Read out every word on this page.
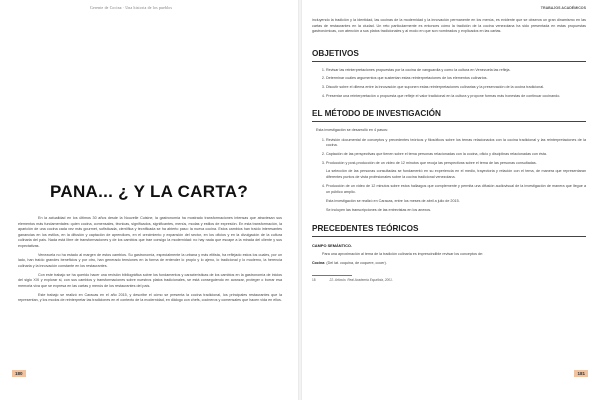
Gerente de Cocina · Una historia de los pueblos
PANA... ¿ Y LA CARTA?

En la actualidad en los últimos 30 años desde la Nouvelle Cuisine, la gastronomía ha mostrado transformaciones intensas que atraviesan sus elementos más fundamentales: quien cocina, comensales, técnicas, significados, significantes, menús, modas y estilos de expresión. En esta transformación, la aparición de una cocina cada vez más gourmet, sofisticada, científica y tecnificada se ha abierto paso: la nueva cocina. Estos cambios han traído interesantes ganancias en los estilos, en la difusión y captación de aprendices, en el crecimiento y expansión del sector, en los oficios y en la divulgación de la cultura culinaria del país. Nada está libre de transformaciones y de los cambios que trae consigo la modernidad: no hay nada que escape a la mirada del cliente y sus expectativas.

Venezuela no ha estado al margen de estos cambios. Su gastronomía, especialmente la urbana y más elitista, ha reflejado estos los cuales, por un lado, han traído grandes beneficios y por otro, han generado tensiones en la forma de entender lo propio y lo ajeno, lo tradicional y lo moderno, la herencia culinaria y la innovación constante en los restaurantes.

Con este trabajo se ha querido hacer una revisión bibliográfica sobre los fundamentos y características de los cambios en la gastronomía de inicios del siglo XXI y explorar si, con sus cambios y transformaciones sobre nuestros platos tradicionales, se está conseguiendo en avanzar, proteger o borrar esa memoria viva que se expresa en las cartas y menús de los restaurantes del país.

Este trabajo se realizó en Caracas en el año 2015, y describe el cómo se presenta la cocina tradicional, los principales restaurantes que la representan, y los modos de reinterpretar las tradiciones en el contexto de la modernidad, en diálogo con chefs, cocineros y comensales que hacen vida en ellos.

180
TRABAJOS ACADÉMICOS

incluyendo la tradición y la identidad, las cocinas de la modernidad y la innovación permanente en los menús, es evidente que se observa un gran dinamismo en las cartas de restaurantes en la ciudad. Un reto particularmente es entonces cómo la tradición de la cocina venezolana ha sido presentada en estas propuestas gastronómicas, con atención a sus platos tradicionales y al modo en que son nombrados y explicados en las cartas.

OBJETIVOS
1. Revisar las reinterpretaciones propuestas por la cocina de vanguardia y como la cultura en Venezuela las refleja.
2. Determinar cuáles argumentos que sustentan estas reinterpretaciones de los elementos culinarios.
3. Discutir sobre el dilema entre la innovación que suponen estas reinterpretaciones culinarias y la preservación de la cocina tradicional.
4. Presentar una reinterpretación o propuesta que refleje el valor tradicional en la cultura y propone formas más honestas de continuar cocinando.
EL MÉTODO DE INVESTIGACIÓN

Esta investigación se desarrolló en 4 pasos:

1. Revisión documental de conceptos y precedentes teóricos y filosóficos sobre los temas relacionados con la cocina tradicional y las reinterpretaciones de la cocina.
2. Captación de las perspectivas que tienen sobre el tema personas relacionadas con la cocina, oficio y disciplinas relacionadas con ésta.
3. Producción y post-producción de un video de 12 minutos que recoja las perspectivas sobre el tema de las personas consultadas.

La selección de las personas consultadas se fundamentó en su experiencia en el medio, trayectoria y relación con el tema, de manera que representaran diferentes puntos de vista profesionales sobre la cocina tradicional venezolana.

4. Producción de un video de 12 minutos sobre estos hallazgos que complemente y permita una difusión audiovisual de la investigación de manera que llegue a un público amplio.

Esta investigación se realizó en Caracas, entre los meses de abril a julio de 2015.

Se incluyen las transcripciones de las entrevistas en los anexos.

PRECEDENTES TEÓRICOS
CAMPO SEMÁNTICO.

Para una aproximación al tema de la tradición culinaria es imprescindible revisar los conceptos de:

Cocina: (Del lat. coquina, de coquere, cocer).

18	22. Artículo. Real Academia Española, 2001.
181
